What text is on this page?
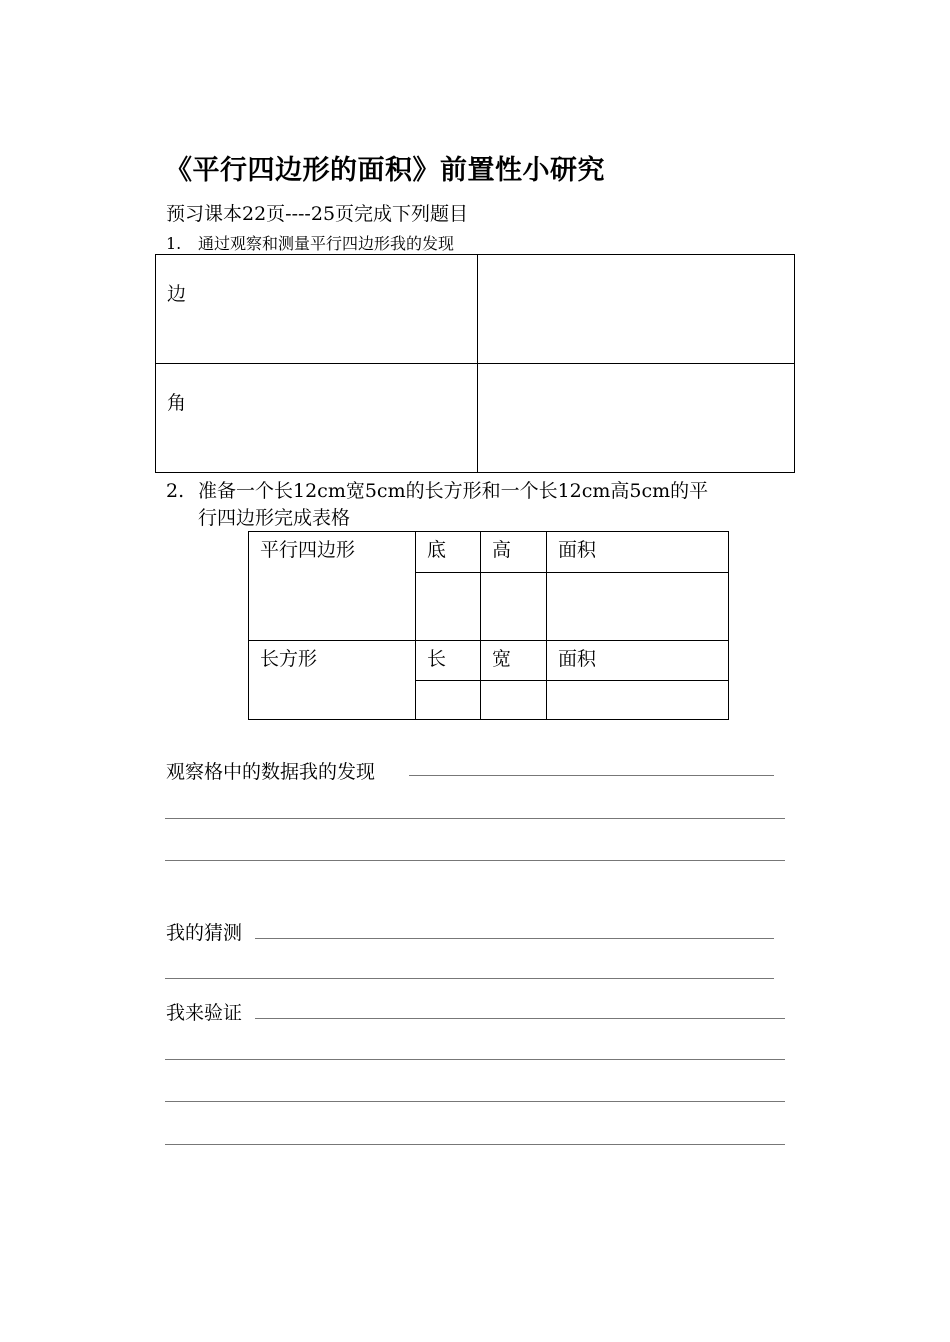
《平行四边形的面积》前置性小研究
预习课本22页----25页完成下列题目
1. 通过观察和测量平行四边形我的发现
边	

角	

2. 准备一个长12cm宽5cm的长方形和一个长12cm高5cm的平
行四边形完成表格
平行四边形	底	高	面积

长方形	长	宽	面积

观察格中的数据我的发现
我的猜测
我来验证
